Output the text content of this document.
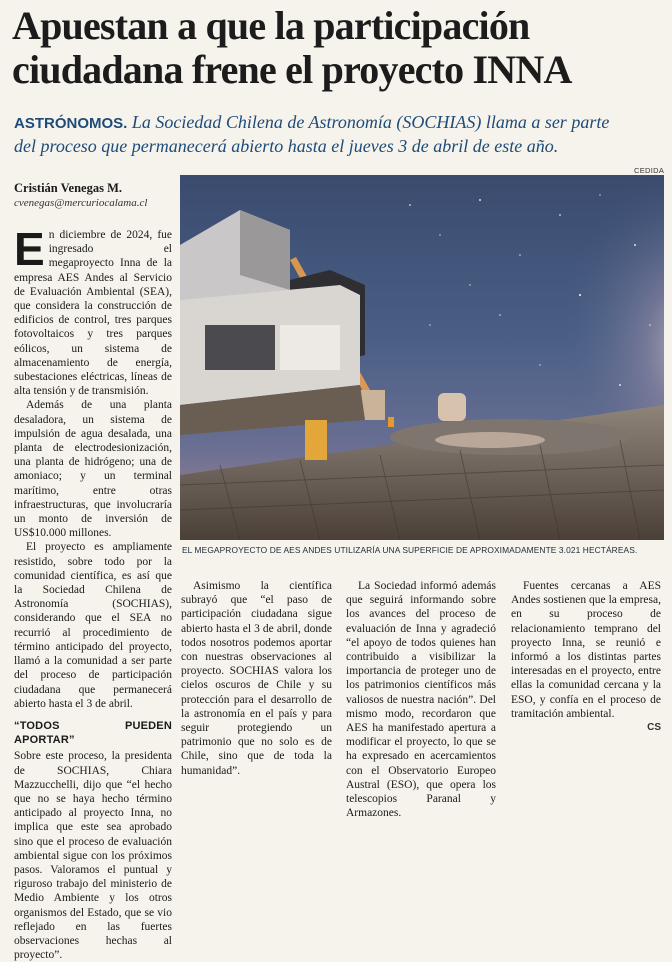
Apuestan a que la participación
ciudadana frene el proyecto INNA
ASTRÓNOMOS. La Sociedad Chilena de Astronomía (SOCHIAS) llama a ser parte
del proceso que permanecerá abierto hasta el jueves 3 de abril de este año.
Cristián Venegas M.
cvenegas@mercuriocalama.cl
CEDIDA
EL MEGAPROYECTO DE AES ANDES UTILIZARÍA UNA SUPERFICIE DE APROXIMADAMENTE 3.021 HECTÁREAS.

En diciembre de 2024, fue ingresado el megaproyecto Inna de la empresa AES Andes al Servicio de Evaluación Ambiental (SEA), que considera la construcción de edificios de control, tres parques fotovoltaicos y tres parques eólicos, un sistema de almacenamiento de energía, subestaciones eléctricas, líneas de alta tensión y de transmisión.

Además de una planta desaladora, un sistema de impulsión de agua desalada, una planta de electrodesionización, una planta de hidrógeno; una de amoniaco; y un terminal marítimo, entre otras infraestructuras, que involucraría un monto de inversión de US$10.000 millones.

El proyecto es ampliamente resistido, sobre todo por la comunidad científica, es así que la Sociedad Chilena de Astronomía (SOCHIAS), considerando que el SEA no recurrió al procedimiento de término anticipado del proyecto, llamó a la comunidad a ser parte del proceso de participación ciudadana que permanecerá abierto hasta el 3 de abril.

“TODOS PUEDEN APORTAR”

Sobre este proceso, la presidenta de SOCHIAS, Chiara Mazzucchelli, dijo que “el hecho que no se haya hecho término anticipado al proyecto Inna, no implica que este sea aprobado sino que el proceso de evaluación ambiental sigue con los próximos pasos. Valoramos el puntual y riguroso trabajo del ministerio de Medio Ambiente y los otros organismos del Estado, que se vio reflejado en las fuertes observaciones hechas al proyecto”.

Asimismo la científica subrayó que “el paso de participación ciudadana sigue abierto hasta el 3 de abril, donde todos nosotros podemos aportar con nuestras observaciones al proyecto. SOCHIAS valora los cielos oscuros de Chile y su protección para el desarrollo de la astronomía en el país y para seguir protegiendo un patrimonio que no solo es de Chile, sino que de toda la humanidad”.

La Sociedad informó además que seguirá informando sobre los avances del proceso de evaluación de Inna y agradeció “el apoyo de todos quienes han contribuido a visibilizar la importancia de proteger uno de los patrimonios científicos más valiosos de nuestra nación”. Del mismo modo, recordaron que AES ha manifestado apertura a modificar el proyecto, lo que se ha expresado en acercamientos con el Observatorio Europeo Austral (ESO), que opera los telescopios Paranal y Armazones.

Fuentes cercanas a AES Andes sostienen que la empresa, en su proceso de relacionamiento temprano del proyecto Inna, se reunió e informó a los distintas partes interesadas en el proyecto, entre ellas la comunidad cercana y la ESO, y confía en el proceso de tramitación ambiental.

CS
